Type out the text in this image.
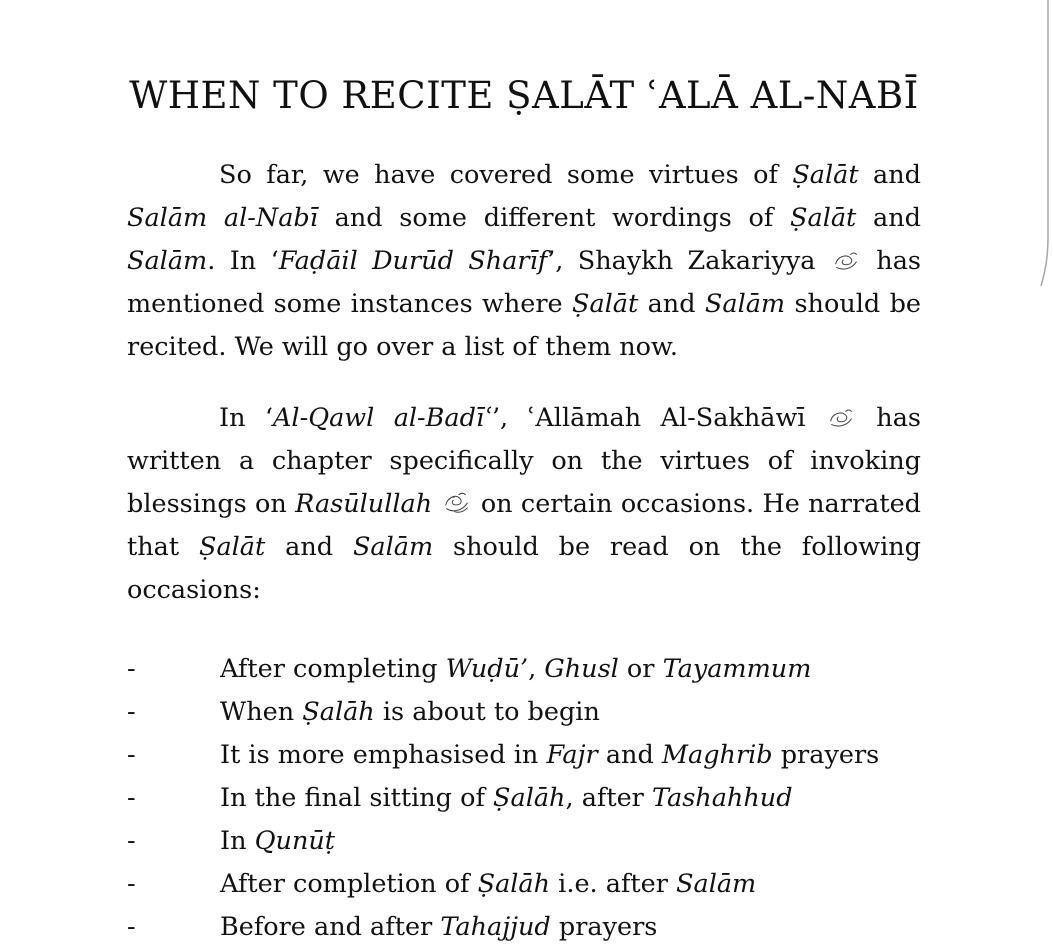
WHEN TO RECITE ṢALĀT ʿALĀ AL-NABĪ

So far, we have covered some virtues of Ṣalāt and Salām al-Nabī and some different wordings of Ṣalāt and Salām. In ‘Faḍāil Durūd Sharīf’, Shaykh Zakariyya
has mentioned some instances where Ṣalāt and Salām should be recited. We will go over a list of them now.

In ‘Al-Qawl al-Badīʿ’, ʿAllāmah Al-Sakhāwī
has written a chapter specifically on the virtues of invoking blessings on Rasūlullah
on certain occasions. He narrated that Ṣalāt and Salām should be read on the following occasions:

-	After completing Wuḍū’, Ghusl or Tayammum
-	When Ṣalāh is about to begin
-	It is more emphasised in Fajr and Maghrib prayers
-	In the final sitting of Ṣalāh, after Tashahhud
-	In Qunūṭ
-	After completion of Ṣalāh i.e. after Salām
-	Before and after Tahajjud prayers
